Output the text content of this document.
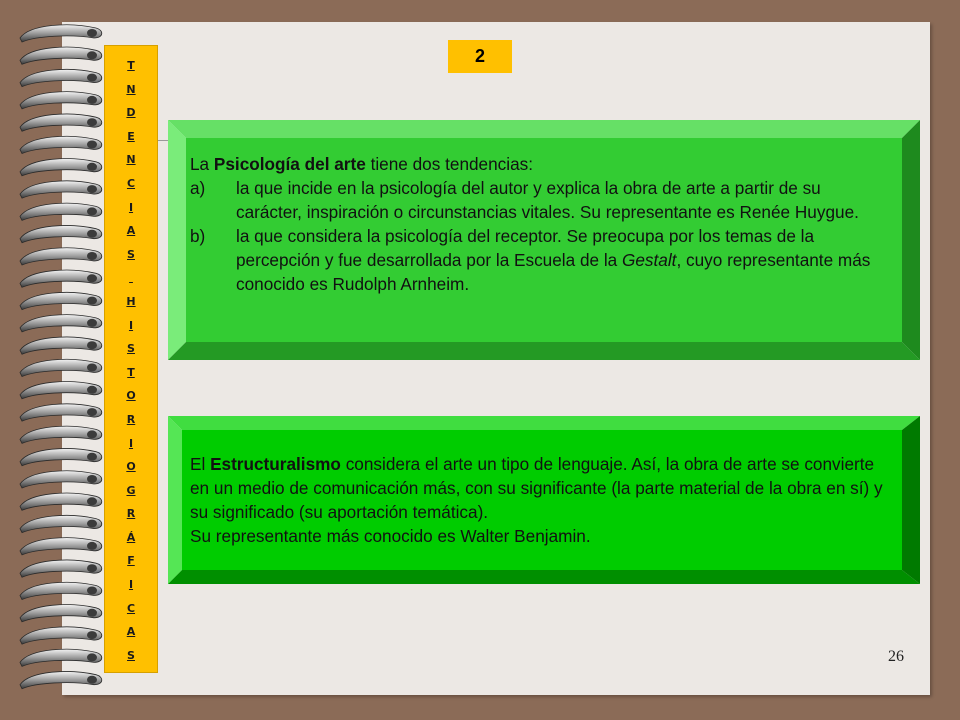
T
N
D
E
N
C
I
A
S

H
I
S
T
O
R
I
O
G
R
Á
F
I
C
A
S
2
La Psicología del arte tiene dos tendencias:
a)	la que incide en la psicología del autor y explica la obra de arte a partir de su carácter, inspiración o circunstancias vitales. Su representante es Renée Huygue.
b)	la que considera la psicología del receptor. Se preocupa por los temas de la percepción y fue desarrollada por la Escuela de la Gestalt, cuyo representante más conocido es Rudolph Arnheim.
El Estructuralismo considera el arte un tipo de lenguaje. Así, la obra de arte se convierte en un medio de comunicación más, con su significante (la parte material de la obra en sí) y su significado (su aportación temática).
Su representante más conocido es Walter Benjamin.
26
